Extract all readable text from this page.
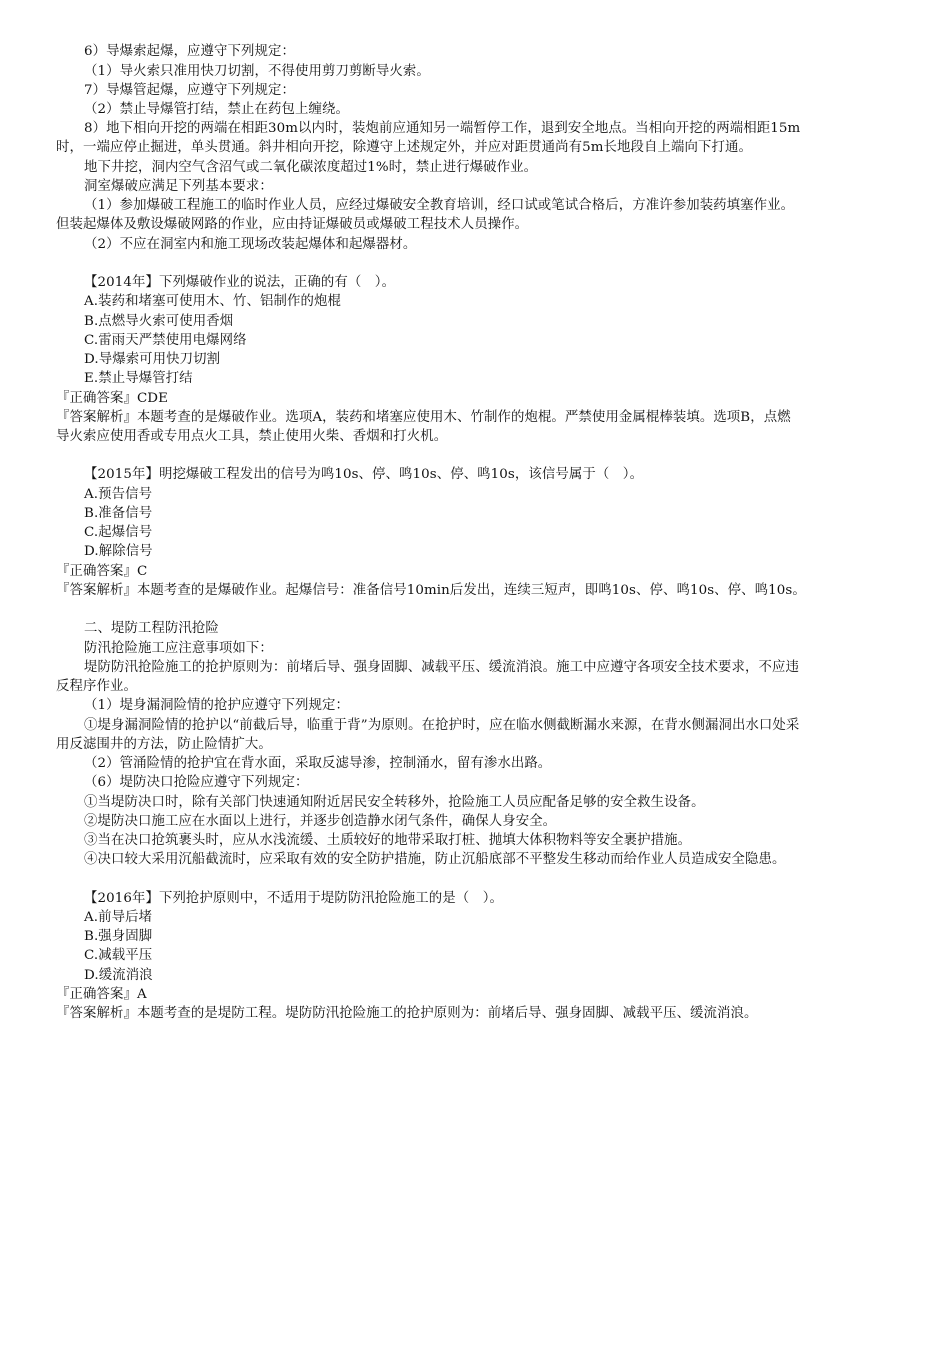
6）导爆索起爆，应遵守下列规定：
（1）导火索只准用快刀切割，不得使用剪刀剪断导火索。
7）导爆管起爆，应遵守下列规定：
（2）禁止导爆管打结，禁止在药包上缠绕。
8）地下相向开挖的两端在相距30m以内时，装炮前应通知另一端暂停工作，退到安全地点。当相向开挖的两端相距15m
时，一端应停止掘进，单头贯通。斜井相向开挖，除遵守上述规定外，并应对距贯通尚有5m长地段自上端向下打通。
地下井挖，洞内空气含沼气或二氧化碳浓度超过1%时，禁止进行爆破作业。
洞室爆破应满足下列基本要求：
（1）参加爆破工程施工的临时作业人员，应经过爆破安全教育培训，经口试或笔试合格后，方准许参加装药填塞作业。
但装起爆体及敷设爆破网路的作业，应由持证爆破员或爆破工程技术人员操作。
（2）不应在洞室内和施工现场改装起爆体和起爆器材。
【2014年】下列爆破作业的说法，正确的有（　）。
A.装药和堵塞可使用木、竹、铝制作的炮棍
B.点燃导火索可使用香烟
C.雷雨天严禁使用电爆网络
D.导爆索可用快刀切割
E.禁止导爆管打结
『正确答案』CDE
『答案解析』本题考查的是爆破作业。选项A，装药和堵塞应使用木、竹制作的炮棍。严禁使用金属棍棒装填。选项B，点燃
导火索应使用香或专用点火工具，禁止使用火柴、香烟和打火机。
【2015年】明挖爆破工程发出的信号为鸣10s、停、鸣10s、停、鸣10s，该信号属于（　）。
A.预告信号
B.准备信号
C.起爆信号
D.解除信号
『正确答案』C
『答案解析』本题考查的是爆破作业。起爆信号：准备信号10min后发出，连续三短声，即鸣10s、停、鸣10s、停、鸣10s。
二、堤防工程防汛抢险
防汛抢险施工应注意事项如下：
堤防防汛抢险施工的抢护原则为：前堵后导、强身固脚、减载平压、缓流消浪。施工中应遵守各项安全技术要求，不应违
反程序作业。
（1）堤身漏洞险情的抢护应遵守下列规定：
①堤身漏洞险情的抢护以“前截后导，临重于背”为原则。在抢护时，应在临水侧截断漏水来源，在背水侧漏洞出水口处采
用反滤围井的方法，防止险情扩大。
（2）管涌险情的抢护宜在背水面，采取反滤导渗，控制涌水，留有渗水出路。
（6）堤防决口抢险应遵守下列规定：
①当堤防决口时，除有关部门快速通知附近居民安全转移外，抢险施工人员应配备足够的安全救生设备。
②堤防决口施工应在水面以上进行，并逐步创造静水闭气条件，确保人身安全。
③当在决口抢筑裹头时，应从水浅流缓、土质较好的地带采取打桩、抛填大体积物料等安全裹护措施。
④决口较大采用沉船截流时，应采取有效的安全防护措施，防止沉船底部不平整发生移动而给作业人员造成安全隐患。
【2016年】下列抢护原则中，不适用于堤防防汛抢险施工的是（　）。
A.前导后堵
B.强身固脚
C.减载平压
D.缓流消浪
『正确答案』A
『答案解析』本题考查的是堤防工程。堤防防汛抢险施工的抢护原则为：前堵后导、强身固脚、减载平压、缓流消浪。
